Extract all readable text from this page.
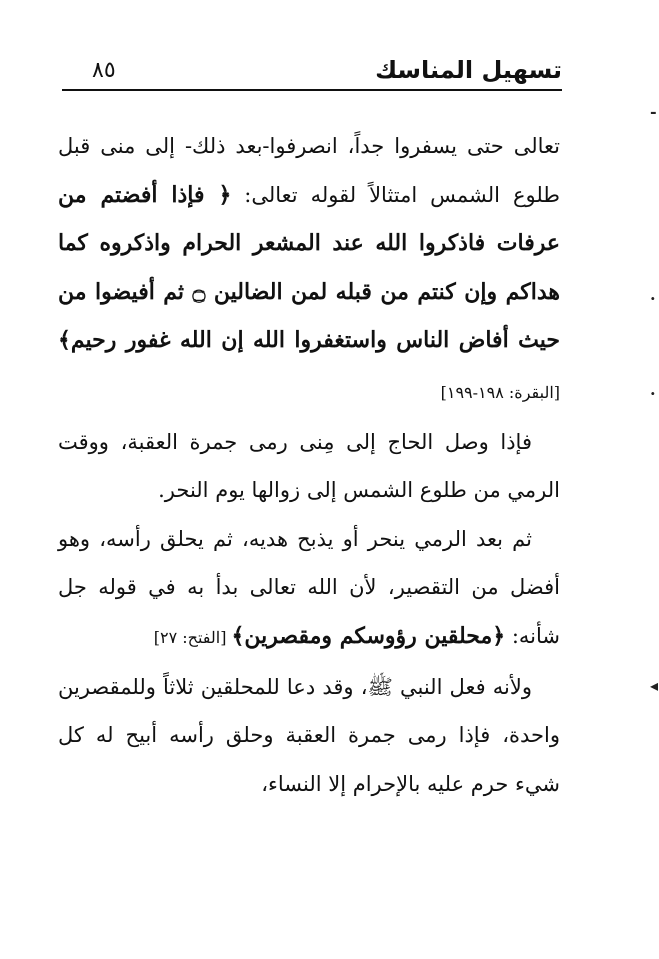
تسهيل المناسك
٨٥
-
.
.
◂

تعالى حتى يسفروا جداً، انصرفوا-بعد ذلك- إلى منى قبل طلوع الشمس امتثالاً لقوله تعالى: ﴿ فإذا أفضتم من عرفات فاذكروا الله عند المشعر الحرام واذكروه كما هداكم وإن كنتم من قبله لمن الضالين ۝ ثم أفيضوا من حيث أفاض الناس واستغفروا الله إن الله غفور رحيم﴾ [البقرة: ١٩٨-١٩٩]

فإذا وصل الحاج إلى مِنى رمى جمرة العقبة، ووقت الرمي من طلوع الشمس إلى زوالها يوم النحر.

ثم بعد الرمي ينحر أو يذبح هديه، ثم يحلق رأسه، وهو أفضل من التقصير، لأن الله تعالى بدأ به في قوله جل شأنه: ﴿محلقين رؤوسكم ومقصرين﴾ [الفتح: ٢٧]

ولأنه فعل النبي ﷺ، وقد دعا للمحلقين ثلاثاً وللمقصرين واحدة، فإذا رمى جمرة العقبة وحلق رأسه أبيح له كل شيء حرم عليه بالإحرام إلا النساء،
